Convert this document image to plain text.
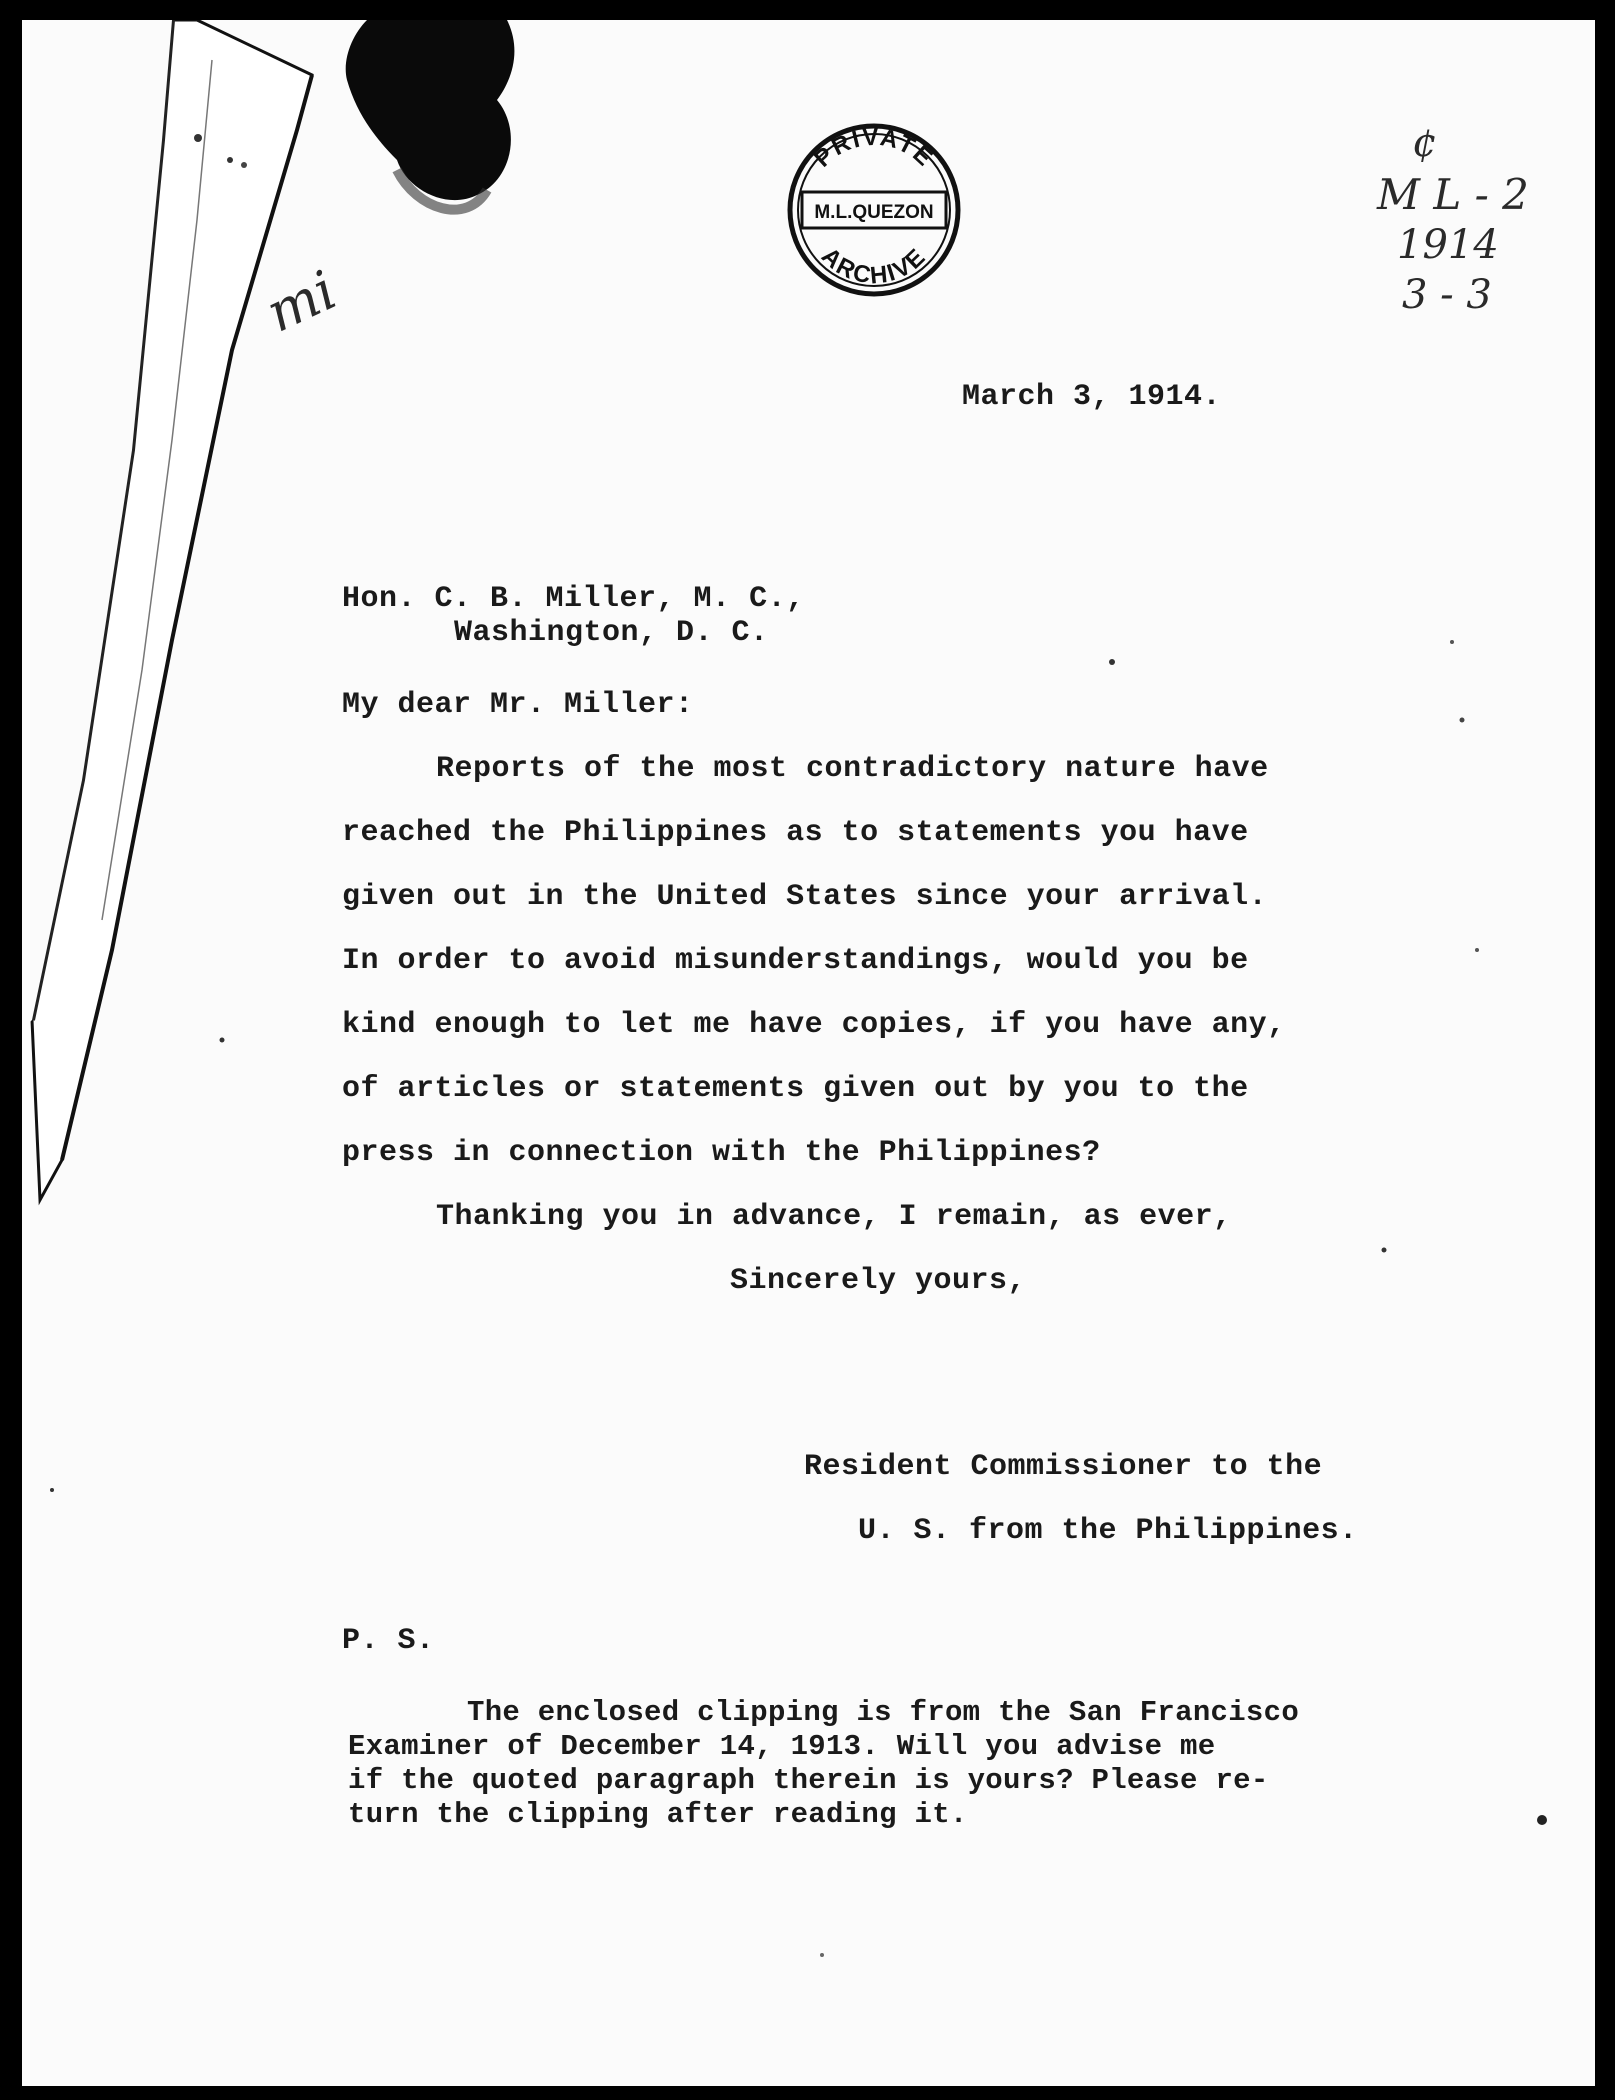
PRIVATE
M.L.QUEZON
ARCHIVE
mi
¢
M L - 2
1914
3 - 3
March 3, 1914.
Hon. C. B. Miller, M. C.,
Washington, D. C.
My dear Mr. Miller:
Reports of the most contradictory nature have
reached the Philippines as to statements you have
given out in the United States since your arrival.
In order to avoid misunderstandings, would you be
kind enough to let me have copies, if you have any,
of articles or statements given out by you to the
press in connection with the Philippines?
Thanking you in advance, I remain, as ever,
Sincerely yours,
Resident Commissioner to the
U. S. from the Philippines.
P. S.
The enclosed clipping is from the San Francisco
Examiner of December 14, 1913. Will you advise me
if the quoted paragraph therein is yours? Please re-
turn the clipping after reading it.
